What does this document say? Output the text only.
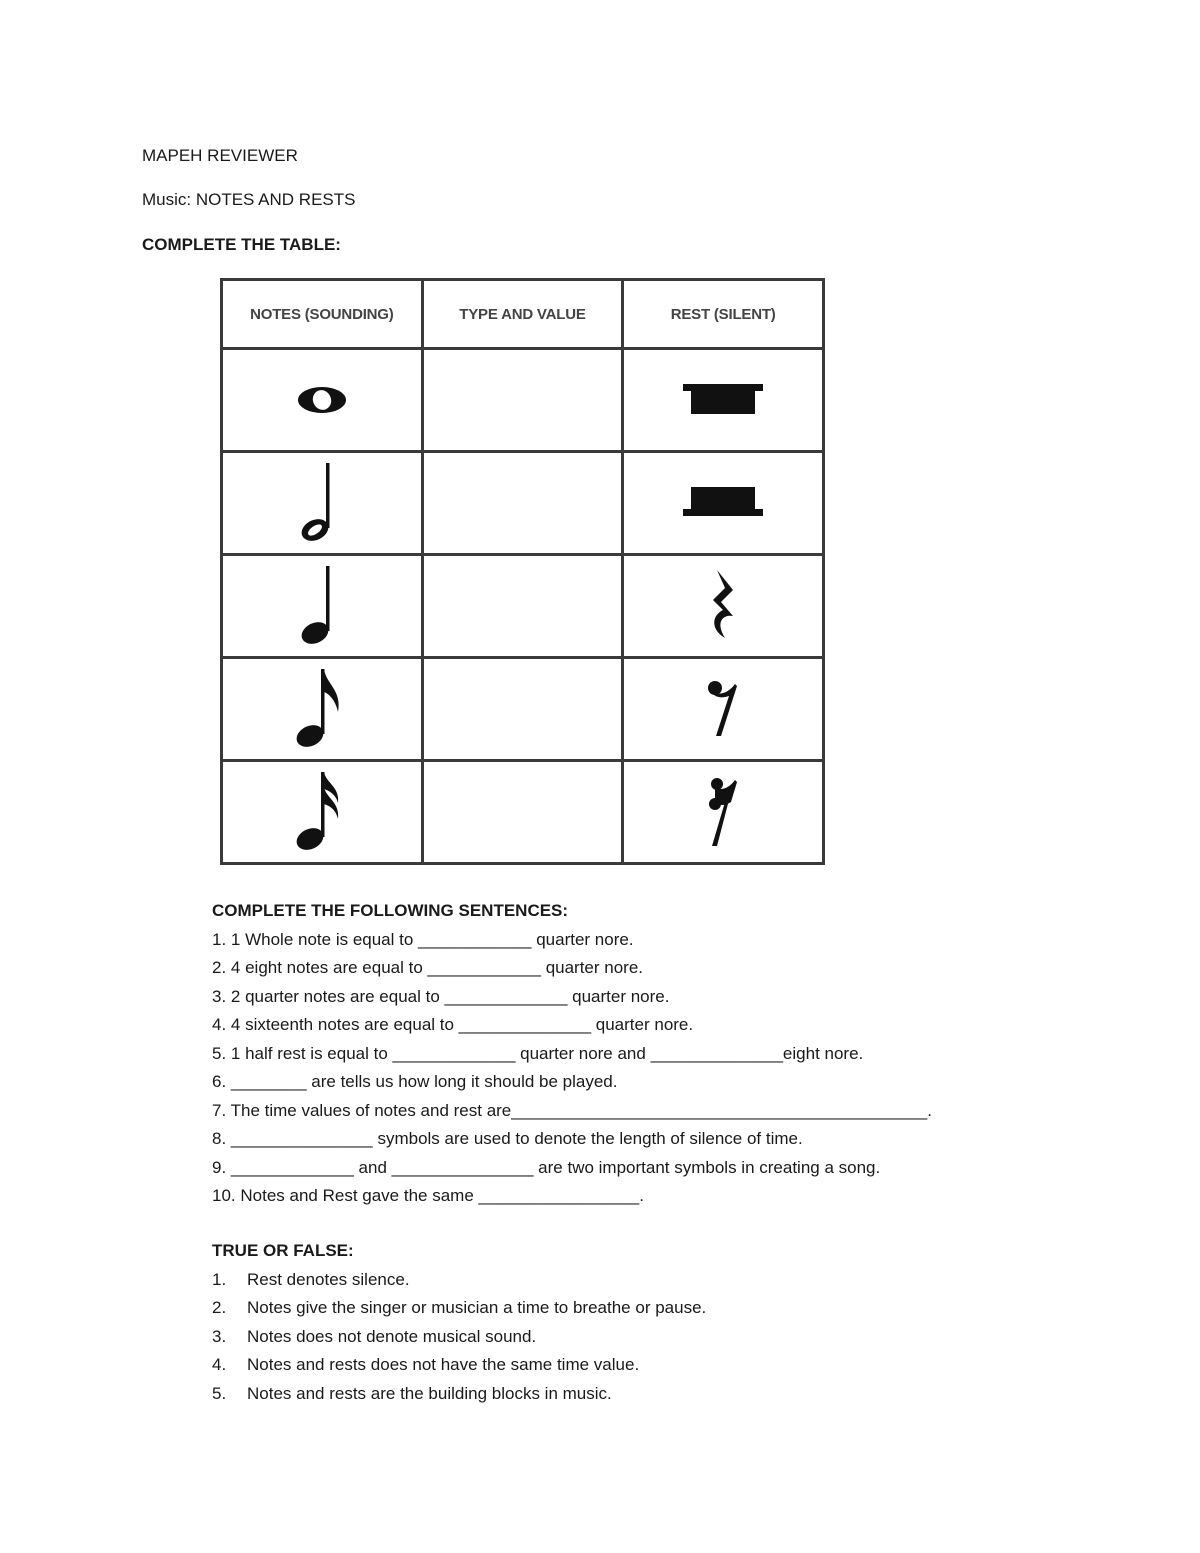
MAPEH REVIEWER
Music: NOTES AND RESTS
COMPLETE THE TABLE:
NOTES (SOUNDING)	TYPE AND VALUE	REST (SILENT)

COMPLETE THE FOLLOWING SENTENCES:
1. 1 Whole note is equal to ____________ quarter nore.
2. 4 eight notes are equal to ____________ quarter nore.
3. 2 quarter notes are equal to _____________ quarter nore.
4. 4 sixteenth notes are equal to ______________ quarter nore.
5. 1 half rest is equal to _____________ quarter nore and ______________eight nore.
6. ________ are tells us how long it should be played.
7. The time values of notes and rest are____________________________________________.
8. _______________ symbols are used to denote the length of silence of time.
9. _____________ and _______________ are two important symbols in creating a song.
10. Notes and Rest gave the same _________________.
TRUE OR FALSE:
1. Rest denotes silence.
2. Notes give the singer or musician a time to breathe or pause.
3. Notes does not denote musical sound.
4. Notes and rests does not have the same time value.
5. Notes and rests are the building blocks in music.
